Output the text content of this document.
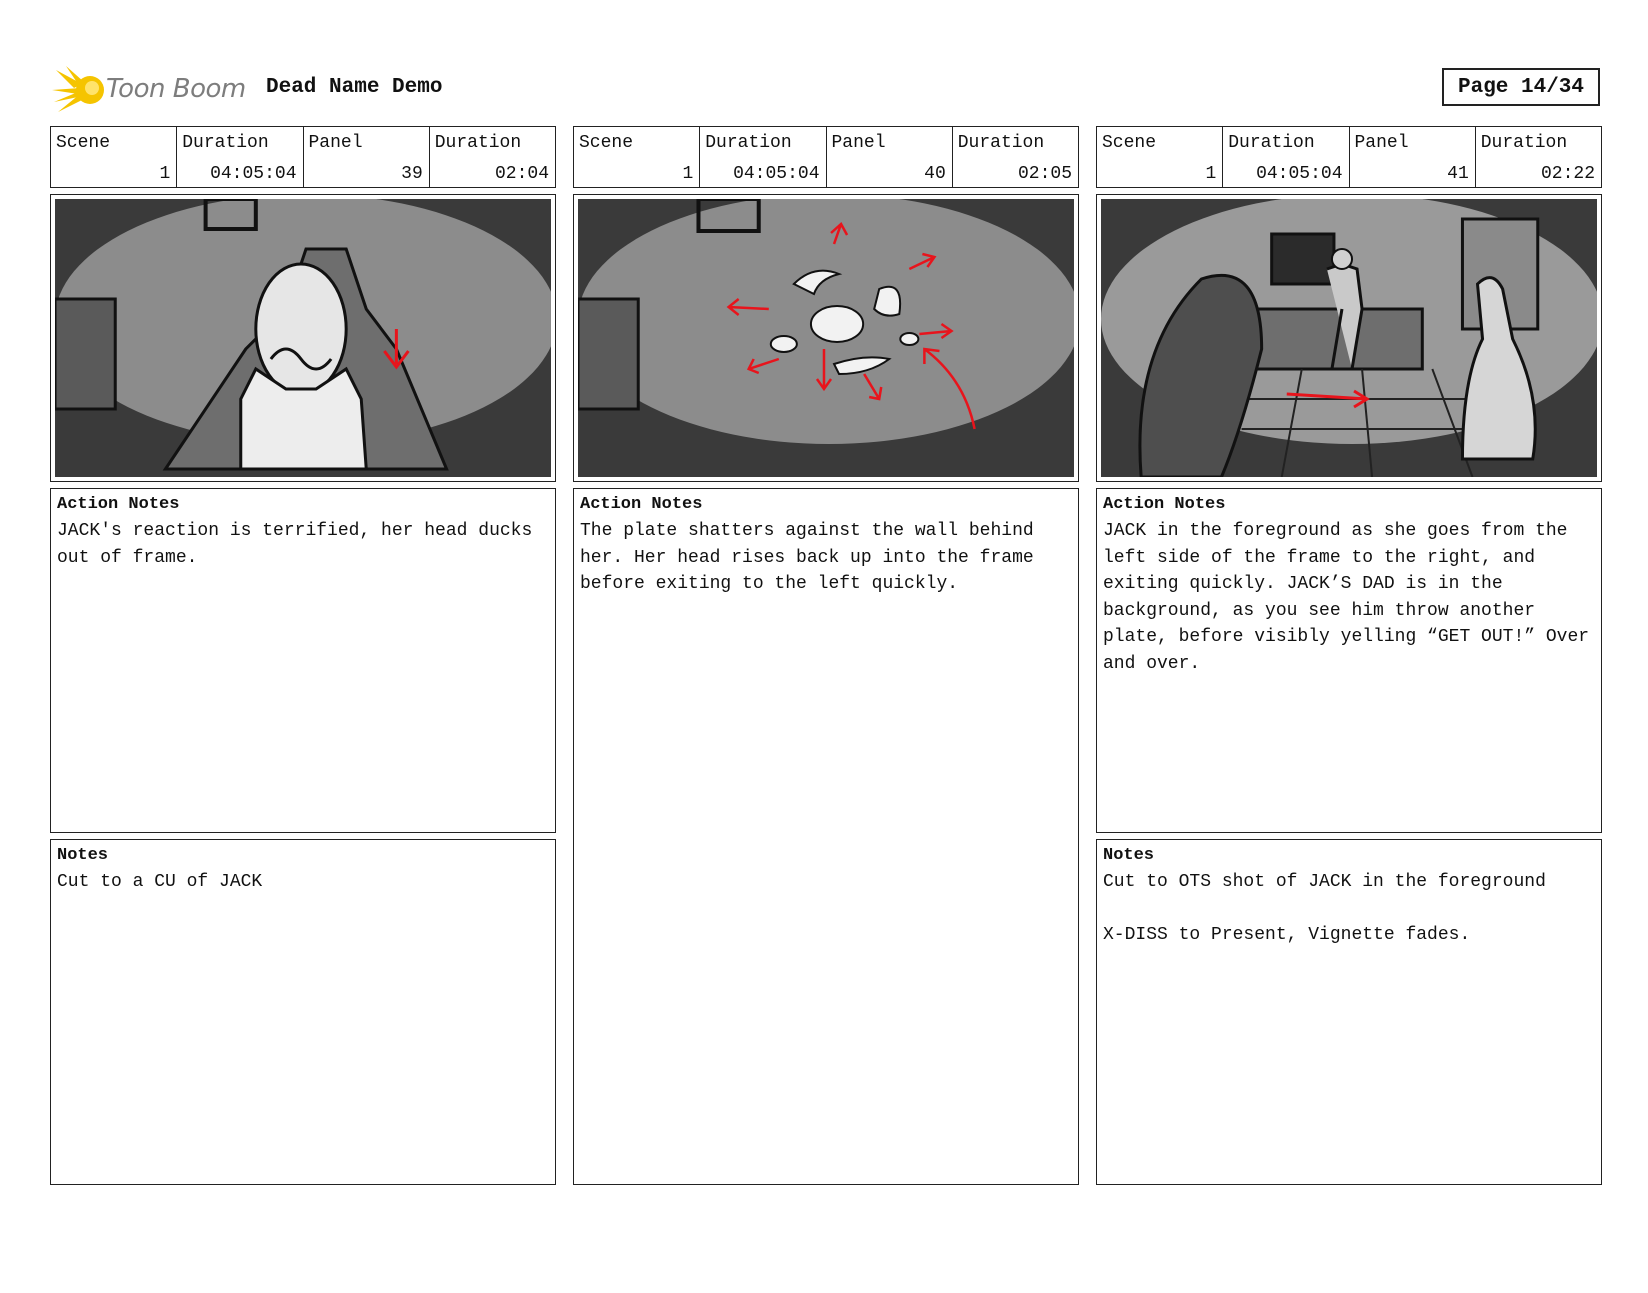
Toon Boom Dead Name Demo	Page 14/34
Scene
1
Duration
04:05:04
Panel
39
Duration
02:04
Action Notes
JACK's reaction is terrified, her head ducks out of frame.
Notes
Cut to a CU of JACK
Scene
1
Duration
04:05:04
Panel
40
Duration
02:05
Action Notes
The plate shatters against the wall behind her. Her head rises back up into the frame before exiting to the left quickly.
Scene
1
Duration
04:05:04
Panel
41
Duration
02:22
Action Notes
JACK in the foreground as she goes from the left side of the frame to the right, and exiting quickly. JACK’S DAD is in the background, as you see him throw another plate, before visibly yelling “GET OUT!” Over and over.
Notes
Cut to OTS shot of JACK in the foreground

X-DISS to Present, Vignette fades.
